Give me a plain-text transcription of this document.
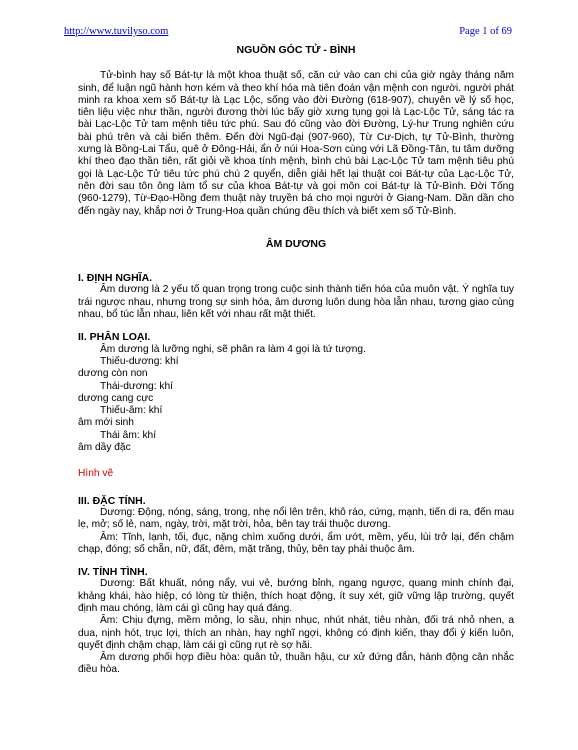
http://www.tuvilyso.com	Page 1 of 69
NGUỒN GÓC TỬ - BÌNH

Tử-bình hay số Bát-tự là một khoa thuật số, căn cứ vào can chi của giờ ngày tháng năm sinh, để luận ngũ hành hơn kém và theo khí hóa mà tiên đoán vận mệnh con người. người phát minh ra khoa xem số Bát-tự là Lạc Lộc, sống vào đời Đường (618-907), chuyên về lý số học, tiên liệu việc như thần, người đương thời lúc bấy giờ xưng tụng gọi là Lạc-Lộc Tử, sáng tác ra bài Lạc-Lộc Tử tam mệnh tiêu tức phú. Sau đó cũng vào đời Đường, Lý-hư Trung nghiên cứu bài phú trên và cải biến thêm. Đến đời Ngũ-đại (907-960), Từ Cư-Dịch, tự Tử-Bình, thường xưng là Bồng-Lai Tẩu, quê ở Đông-Hải, ẩn ở núi Hoa-Sơn cùng với Lã Đồng-Tân, tu tâm dưỡng khí theo đạo thần tiên, rất giỏi về khoa tính mệnh, bình chú bài Lạc-Lộc Tử tam mệnh tiêu phú gọi là Lạc-Lộc Tử tiêu tức phú chú 2 quyển, diễn giải hết lại thuật coi Bát-tự của Lạc-Lộc Tử, nên đời sau tôn ông làm tổ sư của khoa Bát-tự và gọi môn coi Bát-tự là Tử-Bình. Đời Tống (960-1279), Từ-Đạo-Hồng đem thuật này truyền bá cho mọi người ở Giang-Nam. Dần dần cho đến ngày nay, khắp nơi ở Trung-Hoa quần chúng đều thích và biết xem số Tử-Bình.

ÂM DƯƠNG

I. ĐỊNH NGHĨA.

Âm dương là 2 yếu tố quan trọng trong cuộc sinh thành tiến hóa của muôn vật. Ý nghĩa tuy trái ngược nhau, nhưng trong sự sinh hóa, âm dương luôn dung hòa lẫn nhau, tương giao cùng nhau, bổ túc lẫn nhau, liên kết với nhau rất mật thiết.

II. PHÂN LOẠI.

Âm dương là lưỡng nghi, sẽ phân ra làm 4 gọi là tứ tượng.

Thiếu-dương: khí

dương còn non

Thái-dương: khí

dương cang cực

Thiếu-âm: khí

âm mới sinh

Thái âm: khí

âm dầy đặc

Hình vẽ

III. ĐẶC TÍNH.

Dương: Động, nóng, sáng, trong, nhẹ nổi lên trên, khô ráo, cứng, mạnh, tiến di ra, đến mau lẹ, mở; số lẻ, nam, ngày, trời, mặt trời, hỏa, bên tay trái thuộc dương.

Âm: Tĩnh, lạnh, tối, đục, nặng chìm xuống dưới, ẩm ướt, mềm, yếu, lùi trở lại, đến chậm chạp, đóng; số chẵn, nữ, đất, đêm, mặt trăng, thủy, bên tay phải thuộc âm.

IV. TÍNH TÌNH.

Dương: Bất khuất, nóng nẩy, vui vẻ, bướng bỉnh, ngang ngược, quang minh chính đại, khảng khái, hào hiệp, có lòng từ thiện, thích hoạt động, ít suy xét, giữ vững lập trường, quyết định mau chóng, làm cái gì cũng hay quá đáng.

Âm: Chịu đựng, mềm mỏng, lo sầu, nhịn nhục, nhút nhát, tiêu nhàn, đối trá nhỏ nhen, a dua, nịnh hót, trục lợi, thích an nhàn, hay nghĩ ngợi, không có định kiến, thay đổi ý kiến luôn, quyết định chậm chạp, làm cái gì cũng rụt rè sợ hãi.

Âm dương phối hợp điều hòa: quân tử, thuần hậu, cư xử đứng đắn, hành động cân nhắc điều hòa.
